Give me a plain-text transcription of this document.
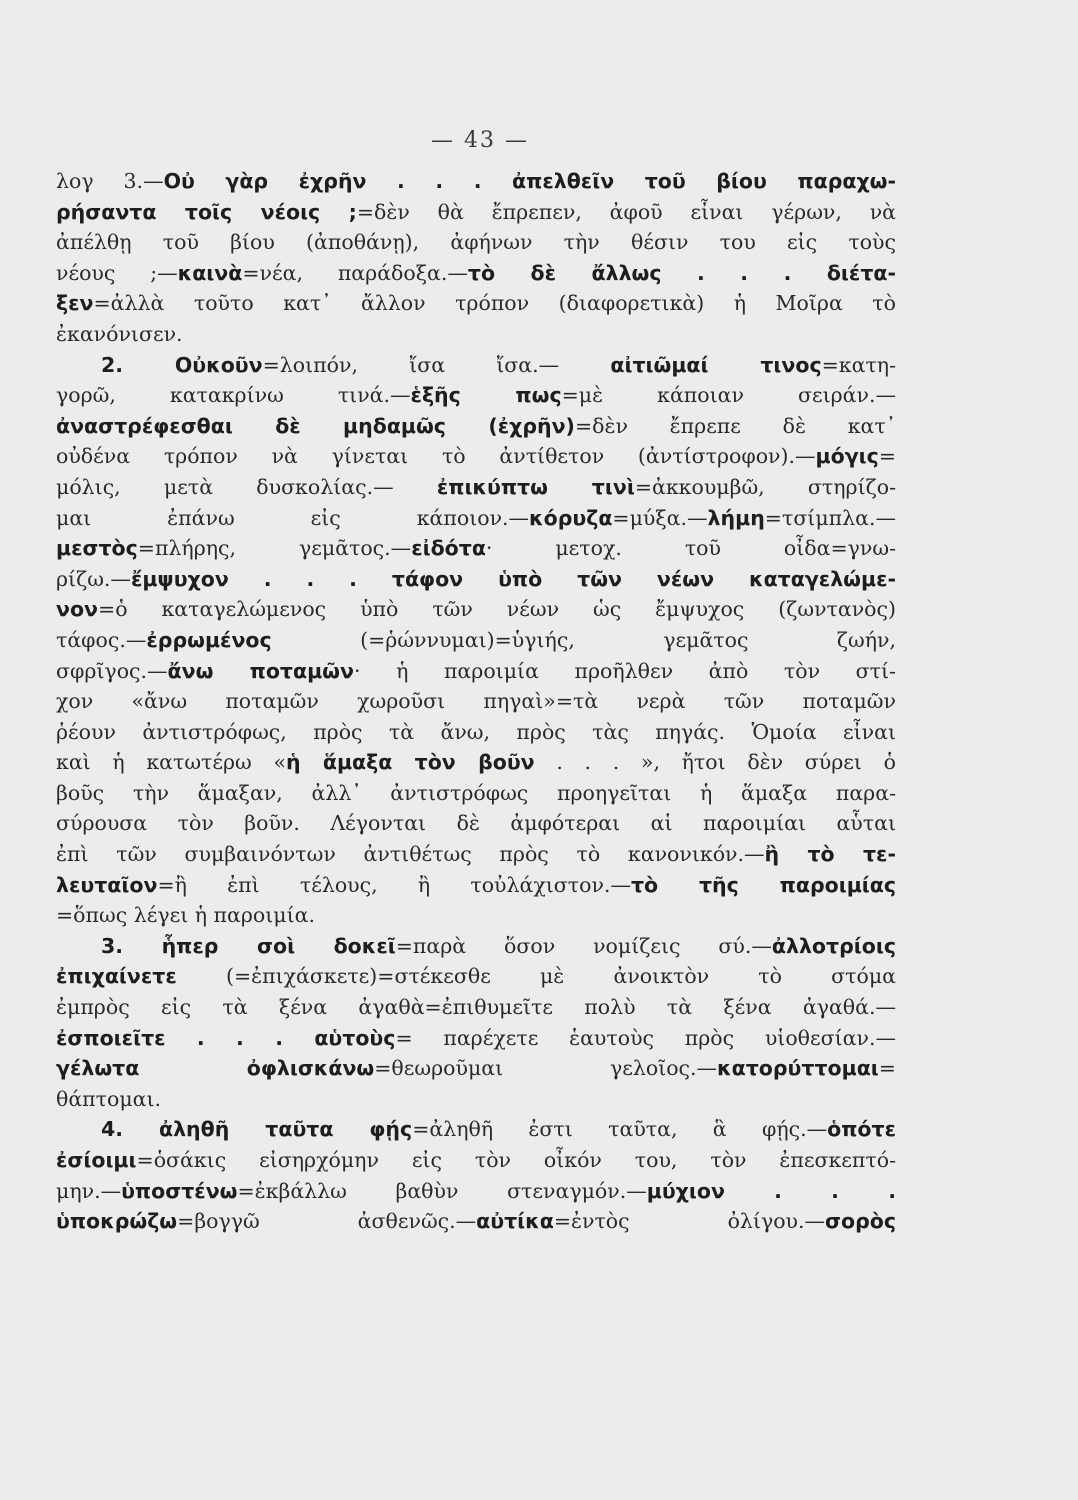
— 43 —
λογ 3.—Οὐ γὰρ ἐχρῆν . . . ἀπελθεῖν τοῦ βίου παραχω-
ρήσαντα τοῖς νέοις ;=δὲν θὰ ἔπρεπεν, ἀφοῦ εἶναι γέρων, νὰ
ἀπέλθῃ τοῦ βίου (ἀποθάνῃ), ἀφήνων τὴν θέσιν του εἰς τοὺς
νέους ;—καινὰ=νέα, παράδοξα.—τὸ δὲ ἄλλως . . . διέτα-
ξεν=ἀλλὰ τοῦτο κατ᾽ ἄλλον τρόπον (διαφορετικὰ) ἡ Μοῖρα τὸ
ἐκανόνισεν.
2. Οὐκοῦν=λοιπόν, ἴσα ἴσα.— αἰτιῶμαί τινος=κατη-
γορῶ, κατακρίνω τινά.—ἑξῆς πως=μὲ κάποιαν σειράν.—
ἀναστρέφεσθαι δὲ μηδαμῶς (ἐχρῆν)=δὲν ἔπρεπε δὲ κατ᾽
οὐδένα τρόπον νὰ γίνεται τὸ ἀντίθετον (ἀντίστροφον).—μόγις=
μόλις, μετὰ δυσκολίας.— ἐπικύπτω τινὶ=ἀκκουμβῶ, στηρίζο-
μαι ἐπάνω εἰς κάποιον.—κόρυζα=μύξα.—λήμη=τσίμπλα.—
μεστὸς=πλήρης, γεμᾶτος.—εἰδότα· μετοχ. τοῦ οἶδα=γνω-
ρίζω.—ἔμψυχον . . . τάφον ὑπὸ τῶν νέων καταγελώμε-
νον=ὁ καταγελώμενος ὑπὸ τῶν νέων ὡς ἔμψυχος (ζωντανὸς)
τάφος.—ἐρρωμένος (=ῥώννυμαι)=ὑγιής, γεμᾶτος ζωήν,
σφρῖγος.—ἄνω ποταμῶν· ἡ παροιμία προῆλθεν ἀπὸ τὸν στί-
χον «ἄνω ποταμῶν χωροῦσι πηγαὶ»=τὰ νερὰ τῶν ποταμῶν
ῥέουν ἀντιστρόφως, πρὸς τὰ ἄνω, πρὸς τὰς πηγάς. Ὁμοία εἶναι
καὶ ἡ κατωτέρω «ἡ ἅμαξα τὸν βοῦν . . . », ἤτοι δὲν σύρει ὁ
βοῦς τὴν ἅμαξαν, ἀλλ᾽ ἀντιστρόφως προηγεῖται ἡ ἅμαξα παρα-
σύρουσα τὸν βοῦν. Λέγονται δὲ ἀμφότεραι αἱ παροιμίαι αὗται
ἐπὶ τῶν συμβαινόντων ἀντιθέτως πρὸς τὸ κανονικόν.—ἢ τὸ τε-
λευταῖον=ἢ ἐπὶ τέλους, ἢ τοὐλάχιστον.—τὸ τῆς παροιμίας
=ὅπως λέγει ἡ παροιμία.
3. ἧπερ σοὶ δοκεῖ=παρὰ ὅσον νομίζεις σύ.—ἀλλοτρίοις
ἐπιχαίνετε (=ἐπιχάσκετε)=στέκεσθε μὲ ἀνοικτὸν τὸ στόμα
ἐμπρὸς εἰς τὰ ξένα ἀγαθὰ=ἐπιθυμεῖτε πολὺ τὰ ξένα ἀγαθά.—
ἐσποιεῖτε . . . αὑτοὺς= παρέχετε ἑαυτοὺς πρὸς υἱοθεσίαν.—
γέλωτα ὀφλισκάνω=θεωροῦμαι γελοῖος.—κατορύττομαι=
θάπτομαι.
4. ἀληθῆ ταῦτα φῄς=ἀληθῆ ἐστι ταῦτα, ἃ φῄς.—ὁπότε
ἐσίοιμι=ὁσάκις εἰσηρχόμην εἰς τὸν οἶκόν του, τὸν ἐπεσκεπτό-
μην.—ὑποστένω=ἐκβάλλω βαθὺν στεναγμόν.—μύχιον . . .
ὑποκρώζω=βογγῶ ἀσθενῶς.—αὐτίκα=ἐντὸς ὀλίγου.—σορὸς
